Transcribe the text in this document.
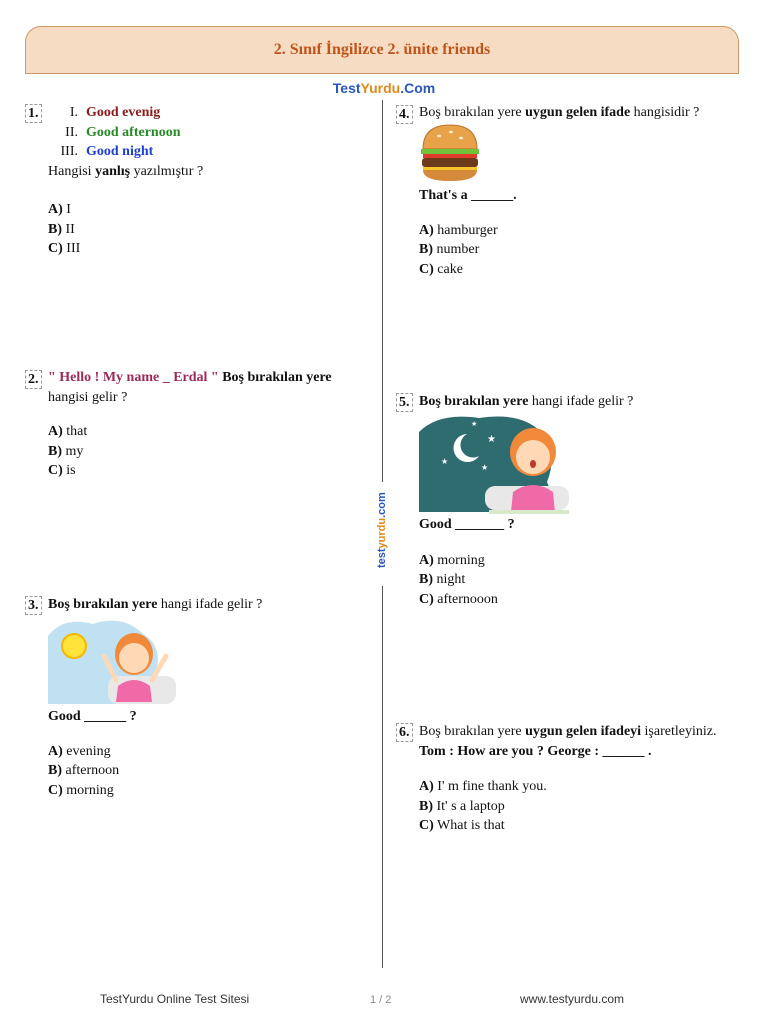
2. Sınıf İngilizce 2. ünite friends
TestYurdu.Com
testyurdu.com
1.	I. Good evenig
II. Good afternoon
III. Good night
Hangisi yanlış yazılmıştır ?
A) I
B) II
C) III
2. " Hello ! My name _ Erdal " Boş bırakılan yere
hangisi gelir ?
A) that
B) my
C) is
3. Boş bırakılan yere hangi ifade gelir ?
Good ______ ?
A) evening
B) afternoon
C) morning
4. Boş bırakılan yere uygun gelen ifade hangisidir ?
That's a ______.
A) hamburger
B) number
C) cake
5. Boş bırakılan yere hangi ifade gelir ?
★
★
★
★
Good _______ ?
A) morning
B) night
C) afternooon
6. Boş bırakılan yere uygun gelen ifadeyi işaretleyiniz.
Tom : How are you ? George : ______ .
A) I' m fine thank you.
B) It' s a laptop
C) What is that
TestYurdu Online Test Sitesi	1 / 2	www.testyurdu.com
